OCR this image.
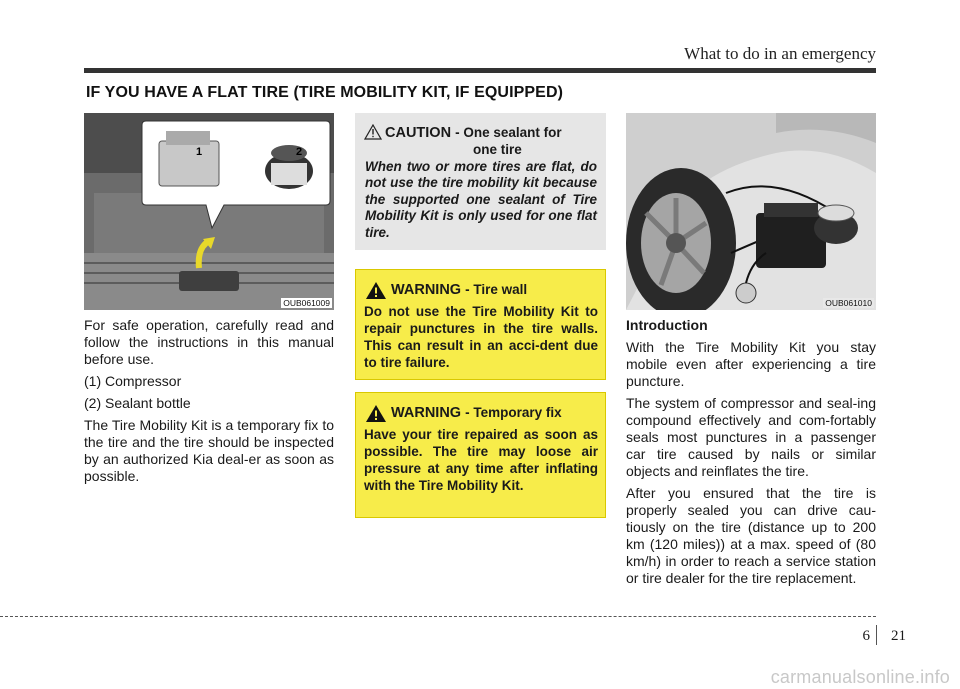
What to do in an emergency
IF YOU HAVE A FLAT TIRE (TIRE MOBILITY KIT, IF EQUIPPED)
1	2
OUB061009

For safe operation, carefully read and follow the instructions in this manual before use.

(1) Compressor

(2) Sealant bottle

The Tire Mobility Kit is a temporary fix to the tire and the tire should be inspected by an authorized Kia deal-er as soon as possible.

CAUTION - One sealant for
one tire
When two or more tires are flat, do not use the tire mobility kit because the supported one sealant of Tire Mobility Kit is only used for one flat tire.
WARNING - Tire wall
Do not use the Tire Mobility Kit to repair punctures in the tire walls. This can result in an acci-dent due to tire failure.
WARNING - Temporary fix
Have your tire repaired as soon as possible. The tire may loose air pressure at any time after inflating with the Tire Mobility Kit.
OUB061010

Introduction

With the Tire Mobility Kit you stay mobile even after experiencing a tire puncture.

The system of compressor and seal-ing compound effectively and com-fortably seals most punctures in a passenger car tire caused by nails or similar objects and reinflates the tire.

After you ensured that the tire is properly sealed you can drive cau-tiously on the tire (distance up to 200 km (120 miles)) at a max. speed of (80 km/h) in order to reach a service station or tire dealer for the tire replacement.

6 21
carmanualsonline.info
